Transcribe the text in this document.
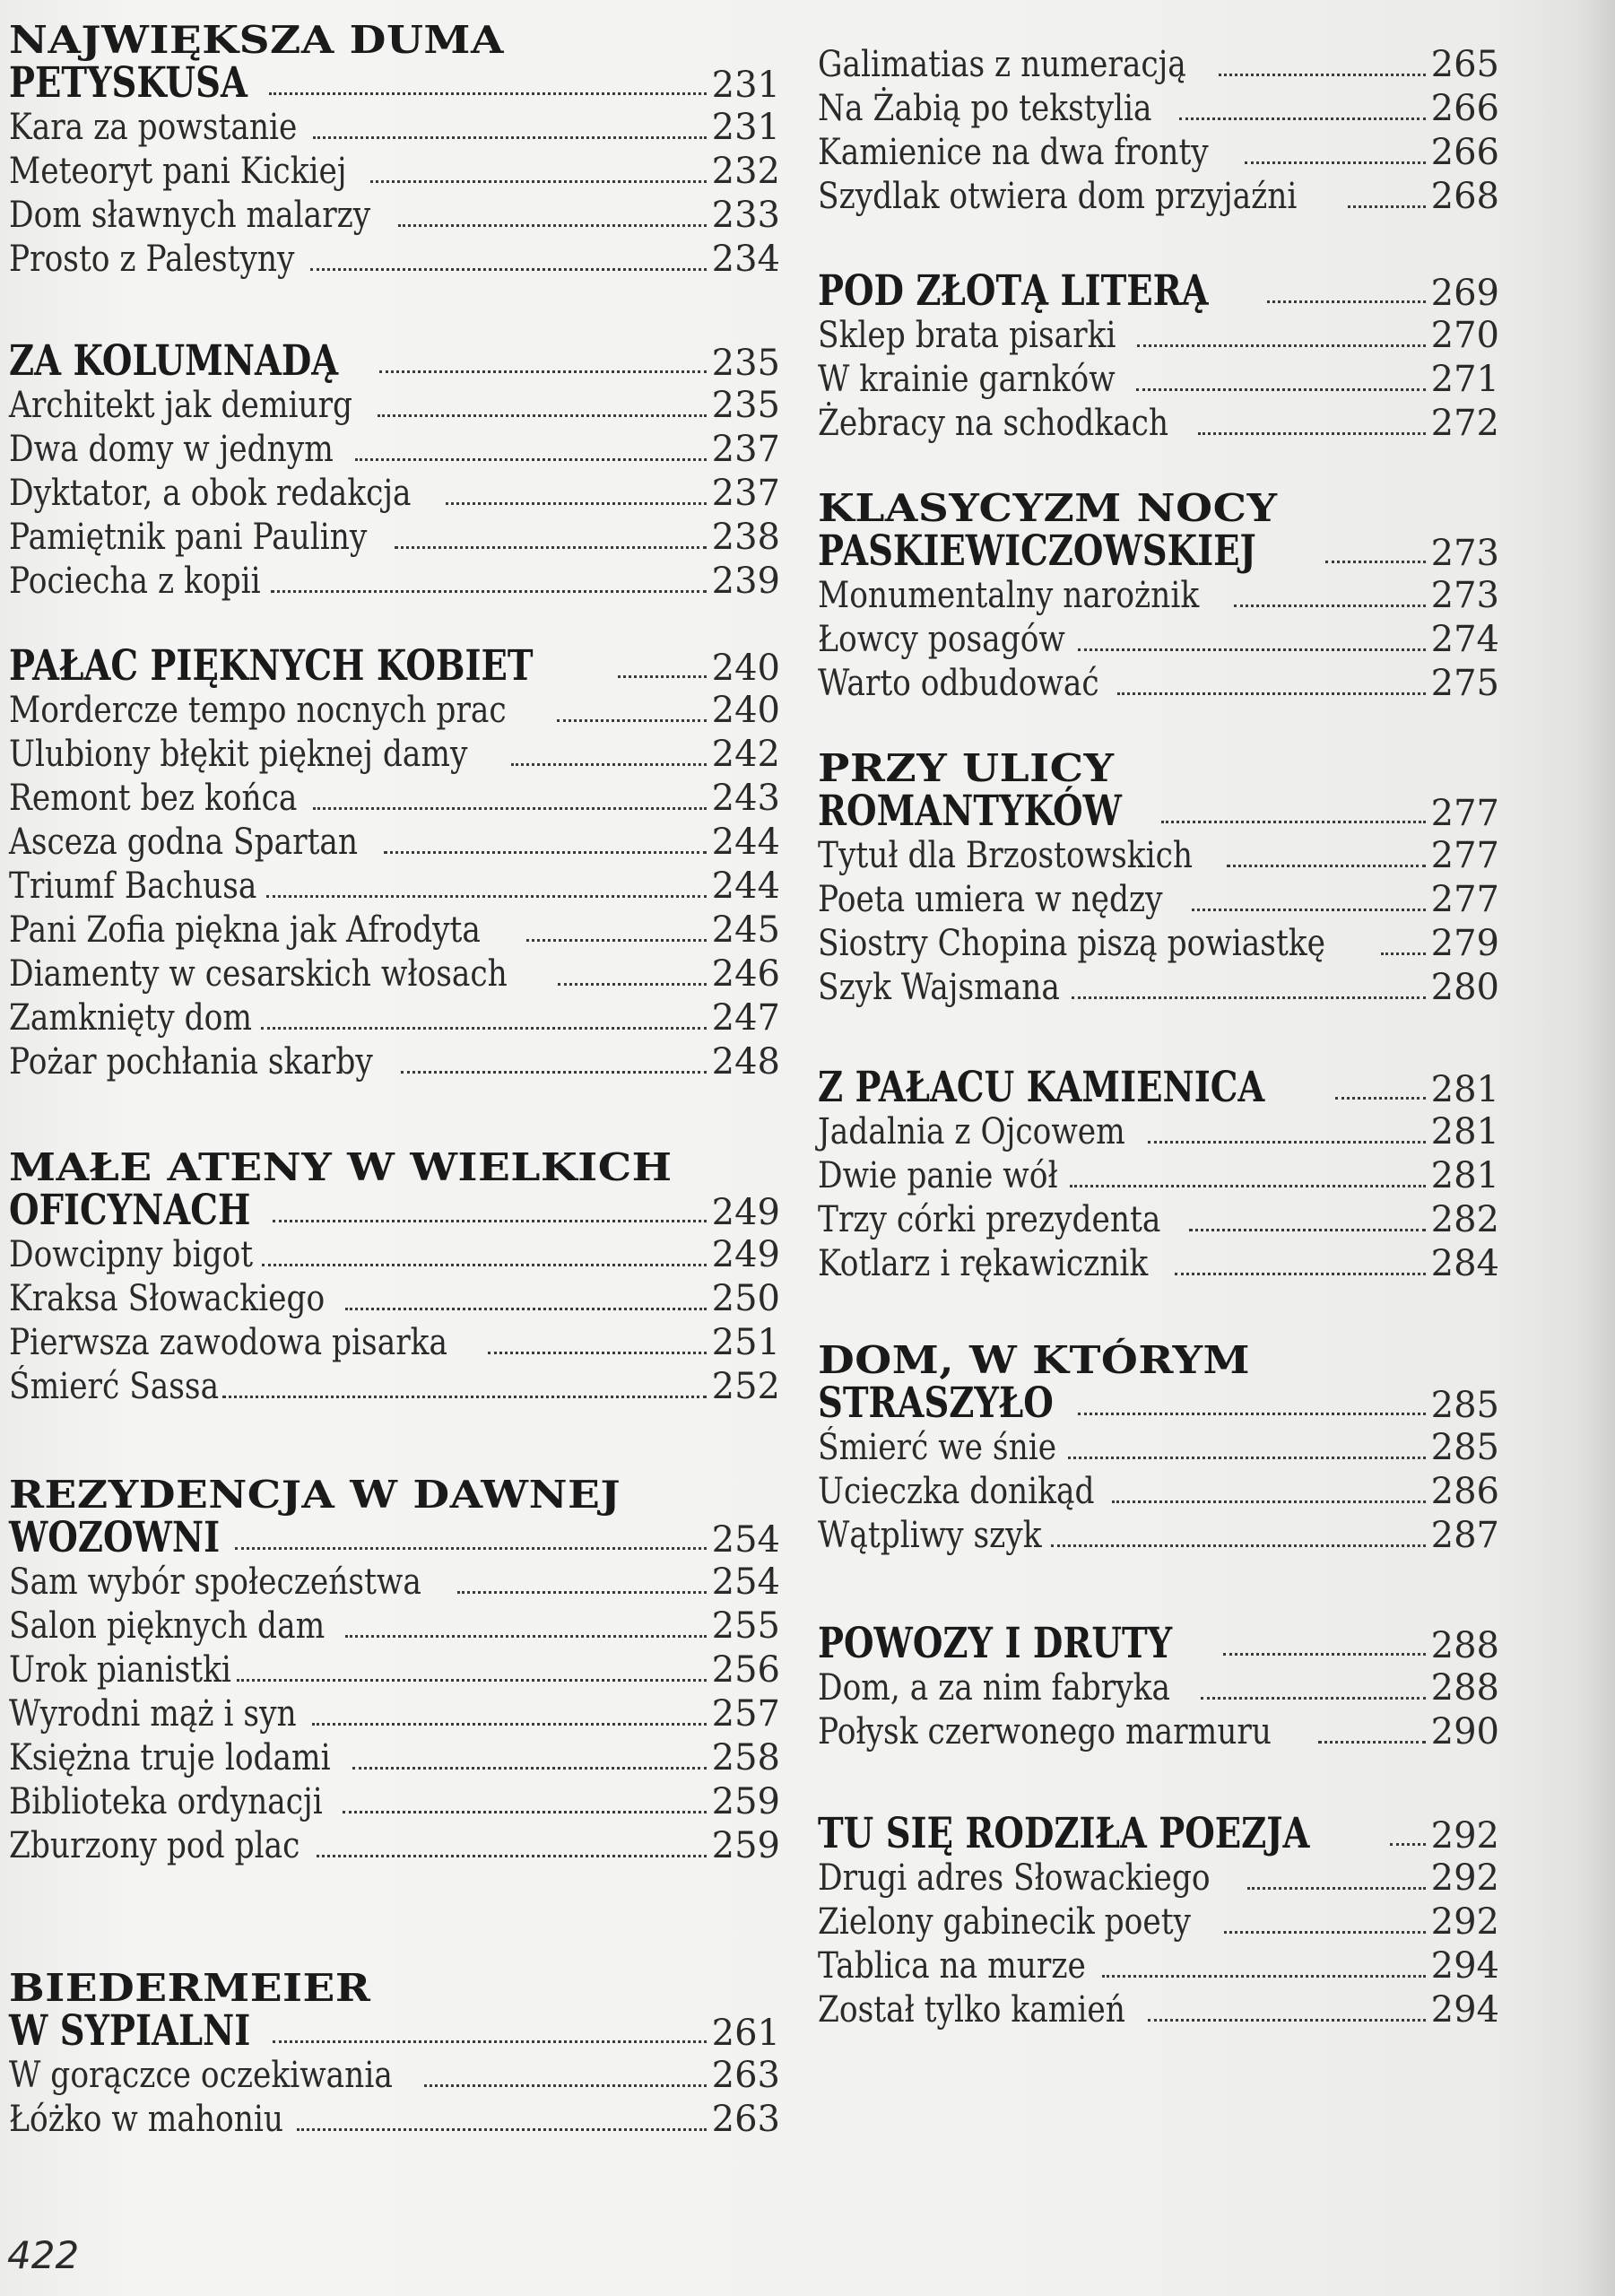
NAJWIĘKSZA DUMA
PETYSKUSA	231
Kara za powstanie	231
Meteoryt pani Kickiej	232
Dom sławnych malarzy	233
Prosto z Palestyny	234
ZA KOLUMNADĄ	235
Architekt jak demiurg	235
Dwa domy w jednym	237
Dyktator, a obok redakcja	237
Pamiętnik pani Pauliny	238
Pociecha z kopii	239
PAŁAC PIĘKNYCH KOBIET	240
Mordercze tempo nocnych prac	240
Ulubiony błękit pięknej damy	242
Remont bez końca	243
Asceza godna Spartan	244
Triumf Bachusa	244
Pani Zofia piękna jak Afrodyta	245
Diamenty w cesarskich włosach	246
Zamknięty dom	247
Pożar pochłania skarby	248
MAŁE ATENY W WIELKICH
OFICYNACH	249
Dowcipny bigot	249
Kraksa Słowackiego	250
Pierwsza zawodowa pisarka	251
Śmierć Sassa	252
REZYDENCJA W DAWNEJ
WOZOWNI	254
Sam wybór społeczeństwa	254
Salon pięknych dam	255
Urok pianistki	256
Wyrodni mąż i syn	257
Księżna truje lodami	258
Biblioteka ordynacji	259
Zburzony pod plac	259
BIEDERMEIER
W SYPIALNI	261
W gorączce oczekiwania	263
Łóżko w mahoniu	263
Galimatias z numeracją	265
Na Żabią po tekstylia	266
Kamienice na dwa fronty	266
Szydlak otwiera dom przyjaźni	268
POD ZŁOTĄ LITERĄ	269
Sklep brata pisarki	270
W krainie garnków	271
Żebracy na schodkach	272
KLASYCYZM NOCY
PASKIEWICZOWSKIEJ	273
Monumentalny narożnik	273
Łowcy posagów	274
Warto odbudować	275
PRZY ULICY
ROMANTYKÓW	277
Tytuł dla Brzostowskich	277
Poeta umiera w nędzy	277
Siostry Chopina piszą powiastkę	279
Szyk Wajsmana	280
Z PAŁACU KAMIENICA	281
Jadalnia z Ojcowem	281
Dwie panie wół	281
Trzy córki prezydenta	282
Kotlarz i rękawicznik	284
DOM, W KTÓRYM
STRASZYŁO	285
Śmierć we śnie	285
Ucieczka donikąd	286
Wątpliwy szyk	287
POWOZY I DRUTY	288
Dom, a za nim fabryka	288
Połysk czerwonego marmuru	290
TU SIĘ RODZIŁA POEZJA	292
Drugi adres Słowackiego	292
Zielony gabinecik poety	292
Tablica na murze	294
Został tylko kamień	294
422
